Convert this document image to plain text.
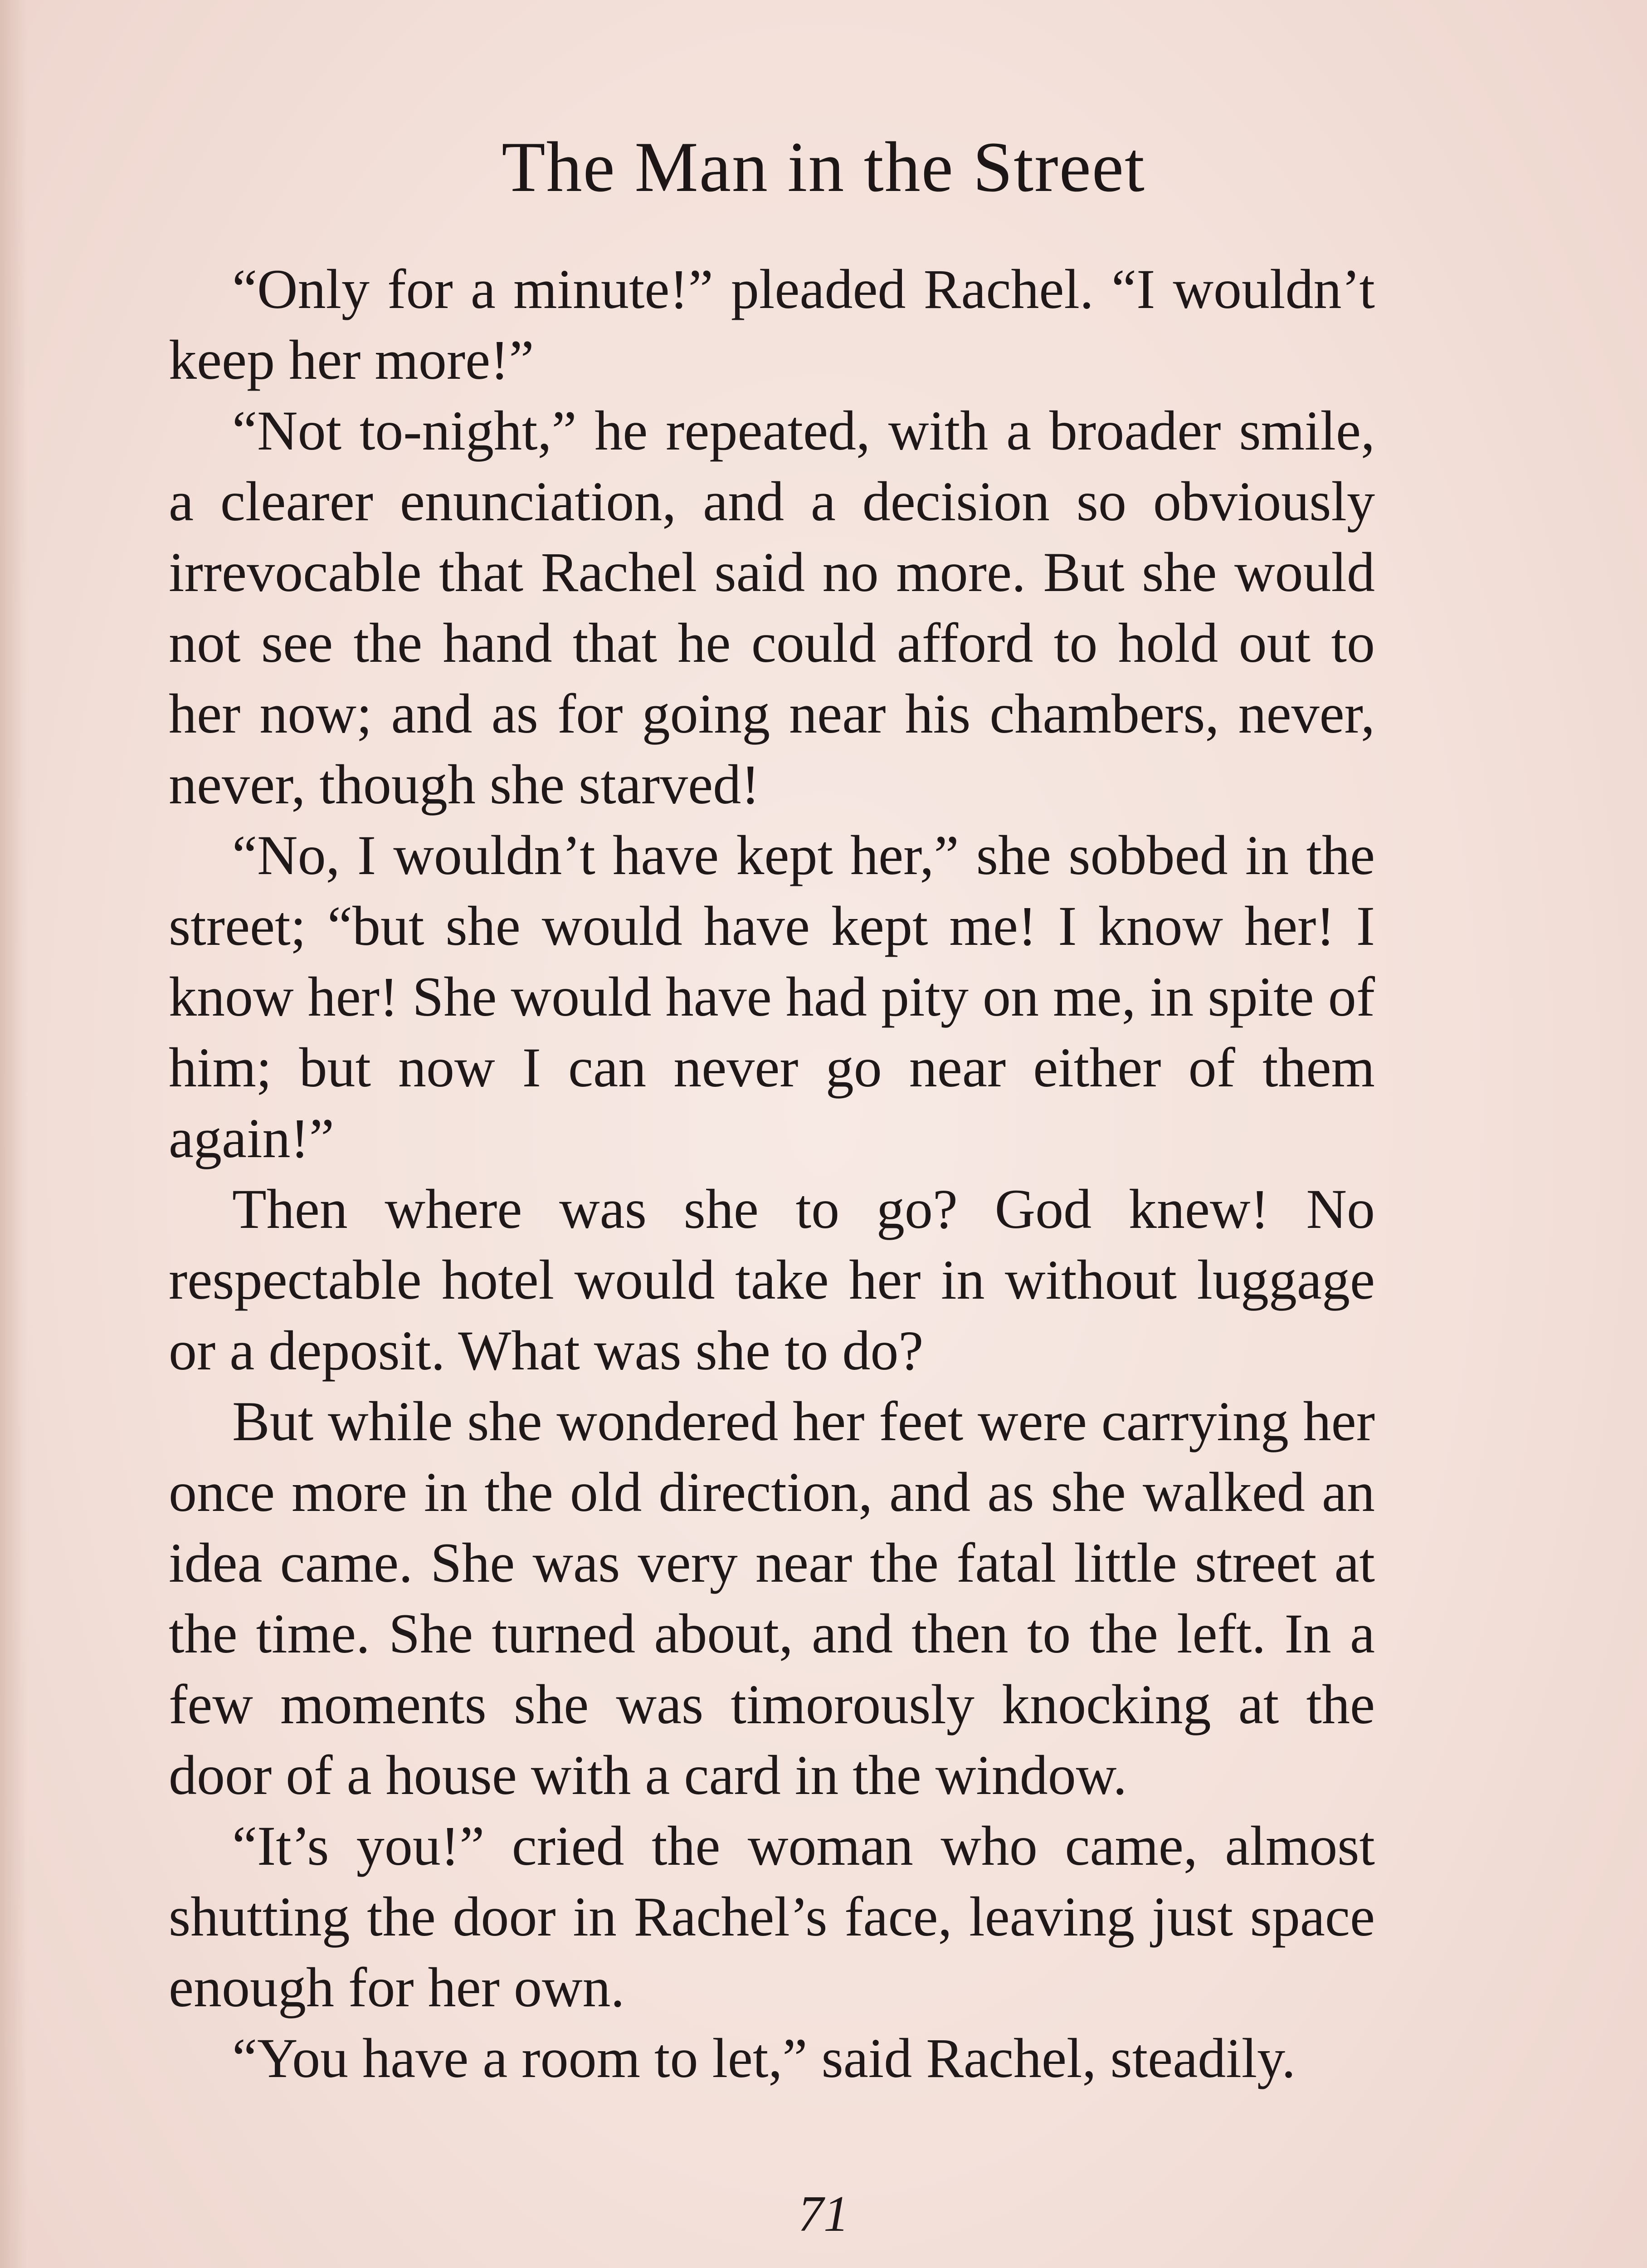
The Man in the Street

“Only for a minute!” pleaded Rachel. “I wouldn’t keep her more!”

“Not to-night,” he repeated, with a broader smile, a clearer enunciation, and a decision so obviously irrevocable that Rachel said no more. But she would not see the hand that he could afford to hold out to her now; and as for going near his chambers, never, never, though she starved!

“No, I wouldn’t have kept her,” she sobbed in the street; “but she would have kept me! I know her! I know her! She would have had pity on me, in spite of him; but now I can never go near either of them again!”

Then where was she to go? God knew! No respectable hotel would take her in without luggage or a deposit. What was she to do?

But while she wondered her feet were carrying her once more in the old direction, and as she walked an idea came. She was very near the fatal little street at the time. She turned about, and then to the left. In a few moments she was timorously knocking at the door of a house with a card in the window.

“It’s you!” cried the woman who came, almost shutting the door in Rachel’s face, leaving just space enough for her own.

“You have a room to let,” said Rachel, steadily.

71
